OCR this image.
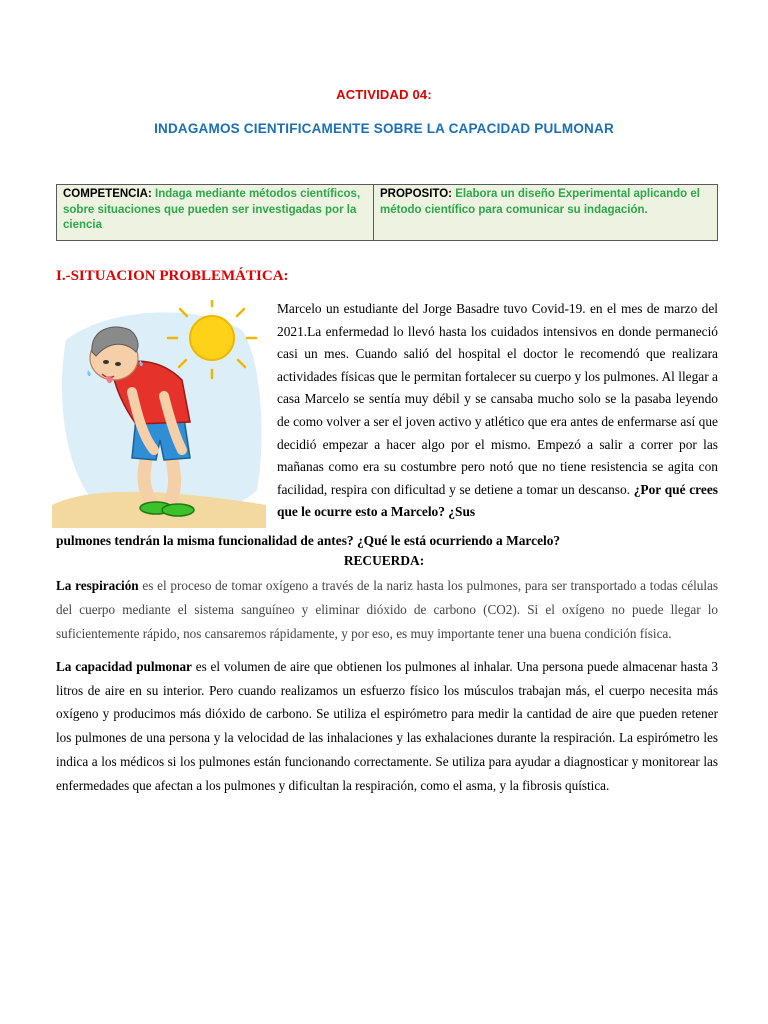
ACTIVIDAD 04:
INDAGAMOS CIENTIFICAMENTE SOBRE LA CAPACIDAD PULMONAR
COMPETENCIA: Indaga mediante métodos científicos, sobre situaciones que pueden ser investigadas por la ciencia	PROPOSITO: Elabora un diseño Experimental aplicando el método científico para comunicar su indagación.
I.-SITUACION PROBLEMÁTICA:
Marcelo un estudiante del Jorge Basadre tuvo Covid-19. en el mes de marzo del 2021.La enfermedad lo llevó hasta los cuidados intensivos en donde permaneció casi un mes. Cuando salió del hospital el doctor le recomendó que realizara actividades físicas que le permitan fortalecer su cuerpo y los pulmones. Al llegar a casa Marcelo se sentía muy débil y se cansaba mucho solo se la pasaba leyendo de como volver a ser el joven activo y atlético que era antes de enfermarse así que decidió empezar a hacer algo por el mismo. Empezó a salir a correr por las mañanas como era su costumbre pero notó que no tiene resistencia se agita con facilidad, respira con dificultad y se detiene a tomar un descanso. ¿Por qué crees que le ocurre esto a Marcelo? ¿Sus
pulmones tendrán la misma funcionalidad de antes? ¿Qué le está ocurriendo a Marcelo?
RECUERDA:
La respiración es el proceso de tomar oxígeno a través de la nariz hasta los pulmones, para ser transportado a todas células del cuerpo mediante el sistema sanguíneo y eliminar dióxido de carbono (CO2). Si el oxígeno no puede llegar lo suficientemente rápido, nos cansaremos rápidamente, y por eso, es muy importante tener una buena condición física.
La capacidad pulmonar es el volumen de aire que obtienen los pulmones al inhalar. Una persona puede almacenar hasta 3 litros de aire en su interior. Pero cuando realizamos un esfuerzo físico los músculos trabajan más, el cuerpo necesita más oxígeno y producimos más dióxido de carbono. Se utiliza el espirómetro para medir la cantidad de aire que pueden retener los pulmones de una persona y la velocidad de las inhalaciones y las exhalaciones durante la respiración. La espirómetro les indica a los médicos si los pulmones están funcionando correctamente. Se utiliza para ayudar a diagnosticar y monitorear las enfermedades que afectan a los pulmones y dificultan la respiración, como el asma, y la fibrosis quística.
